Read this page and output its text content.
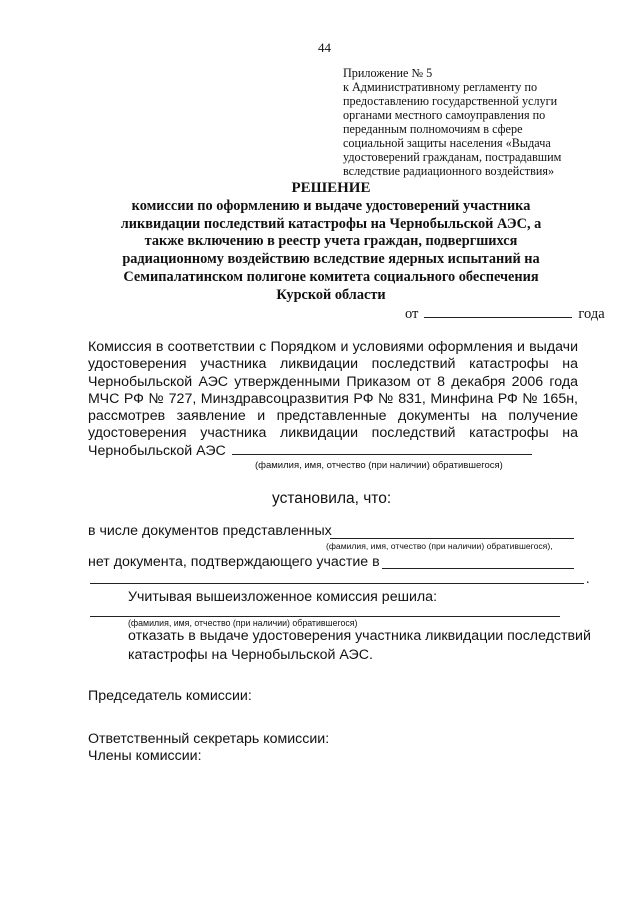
44
Приложение № 5
к Административному регламенту по
предоставлению государственной услуги
органами местного самоуправления по
переданным полномочиям в сфере
социальной защиты населения «Выдача
удостоверений гражданам, пострадавшим
вследствие радиационного воздействия»
РЕШЕНИЕ
комиссии по оформлению и выдаче удостоверений участника
ликвидации последствий катастрофы на Чернобыльской АЭС, а
также включению в реестр учета граждан, подвергшихся
радиационному воздействию вследствие ядерных испытаний на
Семипалатинском полигоне комитета социального обеспечения
Курской области
от	года
Комиссия в соответствии с Порядком и условиями оформления и выдачи
удостоверения участника ликвидации последствий катастрофы на
Чернобыльской АЭС утвержденными Приказом от 8 декабря 2006 года
МЧС РФ № 727, Минздравсоцразвития РФ № 831, Минфина РФ № 165н,
рассмотрев заявление и представленные документы на получение
удостоверения участника ликвидации последствий катастрофы на
Чернобыльской АЭС
(фамилия, имя, отчество (при наличии) обратившегося)
установила, что:
в числе документов представленных
(фамилия, имя, отчество (при наличии) обратившегося),
нет документа, подтверждающего участие в
.
Учитывая вышеизложенное комиссия решила:
(фамилия, имя, отчество (при наличии) обратившегося)
отказать в выдаче удостоверения участника ликвидации последствий
катастрофы на Чернобыльской АЭС.
Председатель комиссии:
Ответственный секретарь комиссии:
Члены комиссии:
